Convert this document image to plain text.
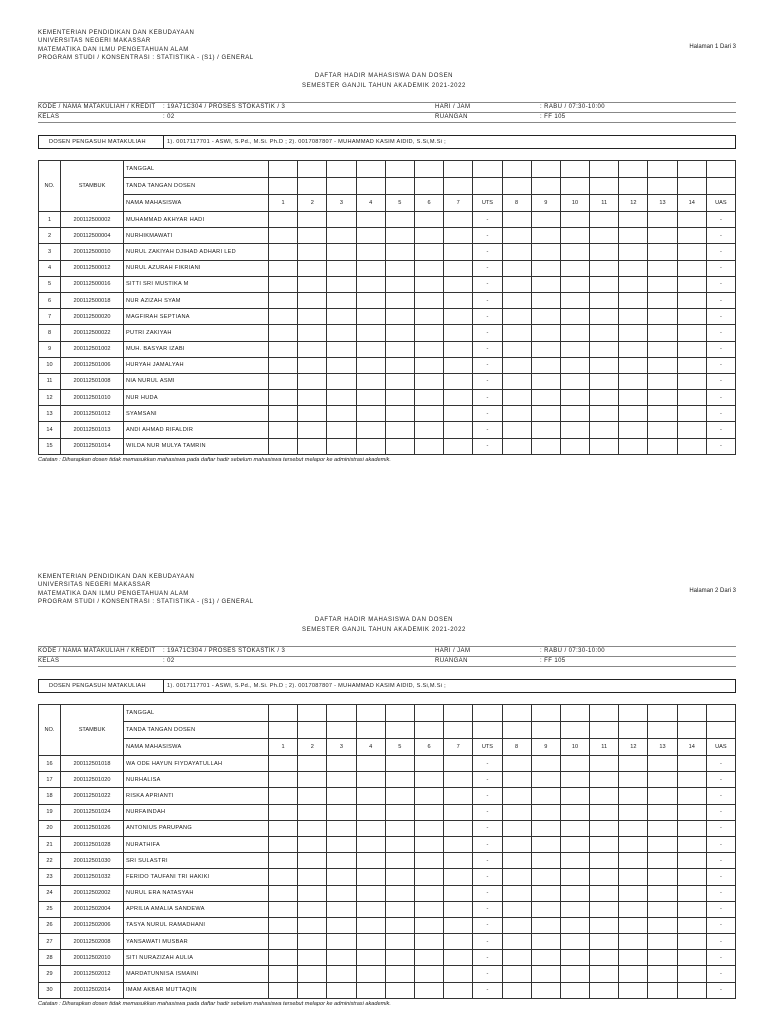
KEMENTERIAN PENDIDIKAN DAN KEBUDAYAAN
UNIVERSITAS NEGERI MAKASSAR
MATEMATIKA DAN ILMU PENGETAHUAN ALAM
PROGRAM STUDI / KONSENTRASI : STATISTIKA - (S1) / GENERAL
Halaman 1 Dari 3
DAFTAR HADIR MAHASISWA DAN DOSEN
SEMESTER GANJIL TAHUN AKADEMIK 2021-2022
KODE / NAMA MATAKULIAH / KREDIT : 19A71C304 / PROSES STOKASTIK / 3	HARI / JAM	: RABU / 07:30-10:00
KELAS	: 02	RUANGAN	: FF 105
DOSEN PENGASUH MATAKULIAH	1). 0017117701 - ASWI, S.Pd., M.Si. Ph.D ; 2). 0017087807 - MUHAMMAD KASIM AIDID, S.Si,M.Si ;
NO.	STAMBUK	TANGGAL																
		TANDA TANGAN DOSEN																
		NAMA MAHASISWA	1	2	3	4	5	6	7	UTS	8	9	10	11	12	13	14	UAS
1	200112500002	MUHAMMAD AKHYAR HADI								-								-
2	200112500004	NURHIKMAWATI								-								-
3	200112500010	NURUL ZAKIYAH DJIHAD ADHARI LED								-								-
4	200112500012	NURUL AZURAH FIKRIANI								-								-
5	200112500016	SITTI SRI MUSTIKA M								-								-
6	200112500018	NUR AZIZAH SYAM								-								-
7	200112500020	MAGFIRAH SEPTIANA								-								-
8	200112500022	PUTRI ZAKIYAH								-								-
9	200112501002	MUH. BASYAR IZABI								-								-
10	200112501006	HURYAH JAMALYAH								-								-
11	200112501008	NIA NURUL ASMI								-								-
12	200112501010	NUR HUDA								-								-
13	200112501012	SYAMSANI								-								-
14	200112501013	ANDI AHMAD RIFALDIR								-								-
15	200112501014	WILDA NUR MULYA TAMRIN								-								-
Catatan : Diharapkan dosen tidak memasukkan mahasiswa pada daftar hadir sebelum mahasiswa tersebut melapor ke administrasi akademik.
KEMENTERIAN PENDIDIKAN DAN KEBUDAYAAN
UNIVERSITAS NEGERI MAKASSAR
MATEMATIKA DAN ILMU PENGETAHUAN ALAM
PROGRAM STUDI / KONSENTRASI : STATISTIKA - (S1) / GENERAL
Halaman 2 Dari 3
DAFTAR HADIR MAHASISWA DAN DOSEN
SEMESTER GANJIL TAHUN AKADEMIK 2021-2022
KODE / NAMA MATAKULIAH / KREDIT : 19A71C304 / PROSES STOKASTIK / 3	HARI / JAM	: RABU / 07:30-10:00
KELAS	: 02	RUANGAN	: FF 105
DOSEN PENGASUH MATAKULIAH	1). 0017117701 - ASWI, S.Pd., M.Si. Ph.D ; 2). 0017087807 - MUHAMMAD KASIM AIDID, S.Si,M.Si ;
NO.	STAMBUK	TANGGAL																
		TANDA TANGAN DOSEN																
		NAMA MAHASISWA	1	2	3	4	5	6	7	UTS	8	9	10	11	12	13	14	UAS
16	200112501018	WA ODE HAYUN FIYDAYATULLAH								-								-
17	200112501020	NURHALISA								-								-
18	200112501022	RISKA APRIANTI								-								-
19	200112501024	NURFAINDAH								-								-
20	200112501026	ANTONIUS PARUPANG								-								-
21	200112501028	NURATHIFA								-								-
22	200112501030	SRI SULASTRI								-								-
23	200112501032	FERIDO TAUFANI TRI HAKIKI								-								-
24	200112502002	NURUL ERA NATASYAH								-								-
25	200112502004	APRILIA AMALIA SANDEWA								-								-
26	200112502006	TASYA NURUL RAMADHANI								-								-
27	200112502008	YANSAWATI MUSBAR								-								-
28	200112502010	SITI NURAZIZAH AULIA								-								-
29	200112502012	MARDATUNNISA ISMAINI								-								-
30	200112502014	IMAM AKBAR MUTTAQIN								-								-
Catatan : Diharapkan dosen tidak memasukkan mahasiswa pada daftar hadir sebelum mahasiswa tersebut melapor ke administrasi akademik.
